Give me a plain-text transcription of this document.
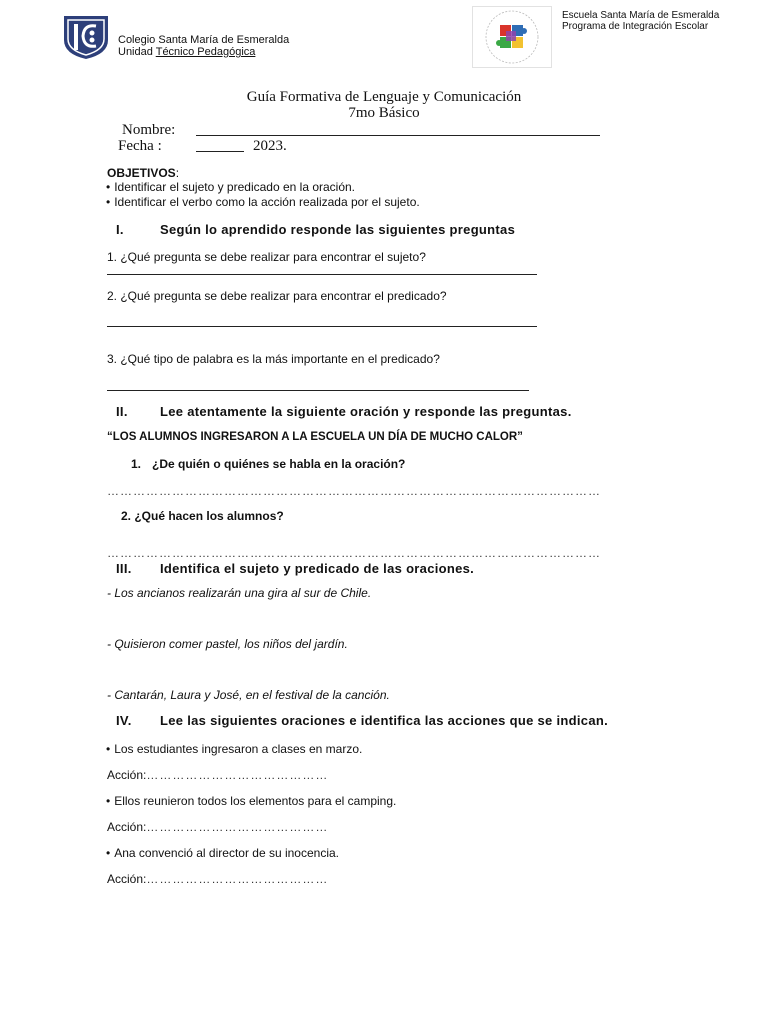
Colegio Santa María de Esmeralda
Unidad Técnico Pedagógica
Escuela Santa María de Esmeralda
Programa de Integración Escolar
Guía Formativa de Lenguaje y Comunicación
7mo Básico
Nombre:
Fecha :	2023.
OBJETIVOS:
• Identificar el sujeto y predicado en la oración.
• Identificar el verbo como la acción realizada por el sujeto.
I.	Según lo aprendido responde las siguientes preguntas
1. ¿Qué pregunta se debe realizar para encontrar el sujeto?
2. ¿Qué pregunta se debe realizar para encontrar el predicado?
3. ¿Qué tipo de palabra es la más importante en el predicado?
II. Lee atentamente la siguiente oración y responde las preguntas.
“LOS ALUMNOS INGRESARON A LA ESCUELA UN DÍA DE MUCHO CALOR”
1. ¿De quién o quiénes se habla en la oración?
……………………………………………………………………………………………………
2. ¿Qué hacen los alumnos?
……………………………………………………………………………………………………
III. Identifica el sujeto y predicado de las oraciones.
- Los ancianos realizarán una gira al sur de Chile.
- Quisieron comer pastel, los niños del jardín.
- Cantarán, Laura y José, en el festival de la canción.
IV. Lee las siguientes oraciones e identifica las acciones que se indican.
• Los estudiantes ingresaron a clases en marzo.
Acción:……………………………………
• Ellos reunieron todos los elementos para el camping.
Acción:……………………………………
• Ana convenció al director de su inocencia.
Acción:……………………………………
